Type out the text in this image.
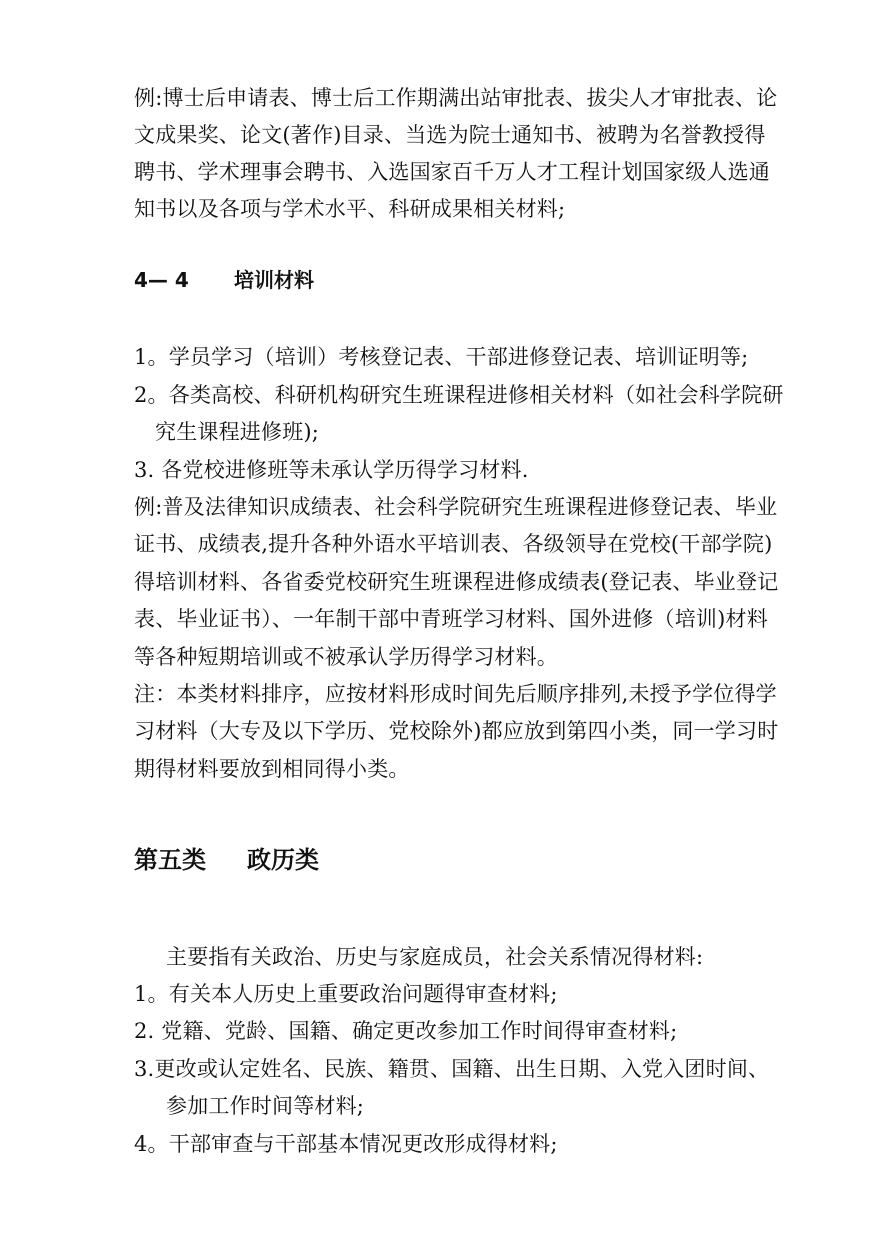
例:博士后申请表、博士后工作期满出站审批表、拔尖人才审批表、论
文成果奖、论文(著作)目录、当选为院士通知书、被聘为名誉教授得
聘书、学术理事会聘书、入选国家百千万人才工程计划国家级人选通
知书以及各项与学术水平、科研成果相关材料;
4— 4 培训材料
1。学员学习（培训）考核登记表、干部进修登记表、培训证明等;
2。各类高校、科研机构研究生班课程进修相关材料（如社会科学院研
究生课程进修班);
3. 各党校进修班等未承认学历得学习材料.
例:普及法律知识成绩表、社会科学院研究生班课程进修登记表、毕业
证书、成绩表,提升各种外语水平培训表、各级领导在党校(干部学院)
得培训材料、各省委党校研究生班课程进修成绩表(登记表、毕业登记
表、毕业证书）、一年制干部中青班学习材料、国外进修（培训)材料
等各种短期培训或不被承认学历得学习材料。
注：本类材料排序，应按材料形成时间先后顺序排列,未授予学位得学
习材料（大专及以下学历、党校除外)都应放到第四小类，同一学习时
期得材料要放到相同得小类。
第五类 政历类
主要指有关政治、历史与家庭成员，社会关系情况得材料:
1。有关本人历史上重要政治问题得审查材料;
2. 党籍、党龄、国籍、确定更改参加工作时间得审查材料;
3.更改或认定姓名、民族、籍贯、国籍、出生日期、入党入团时间、
参加工作时间等材料;
4。干部审查与干部基本情况更改形成得材料;
